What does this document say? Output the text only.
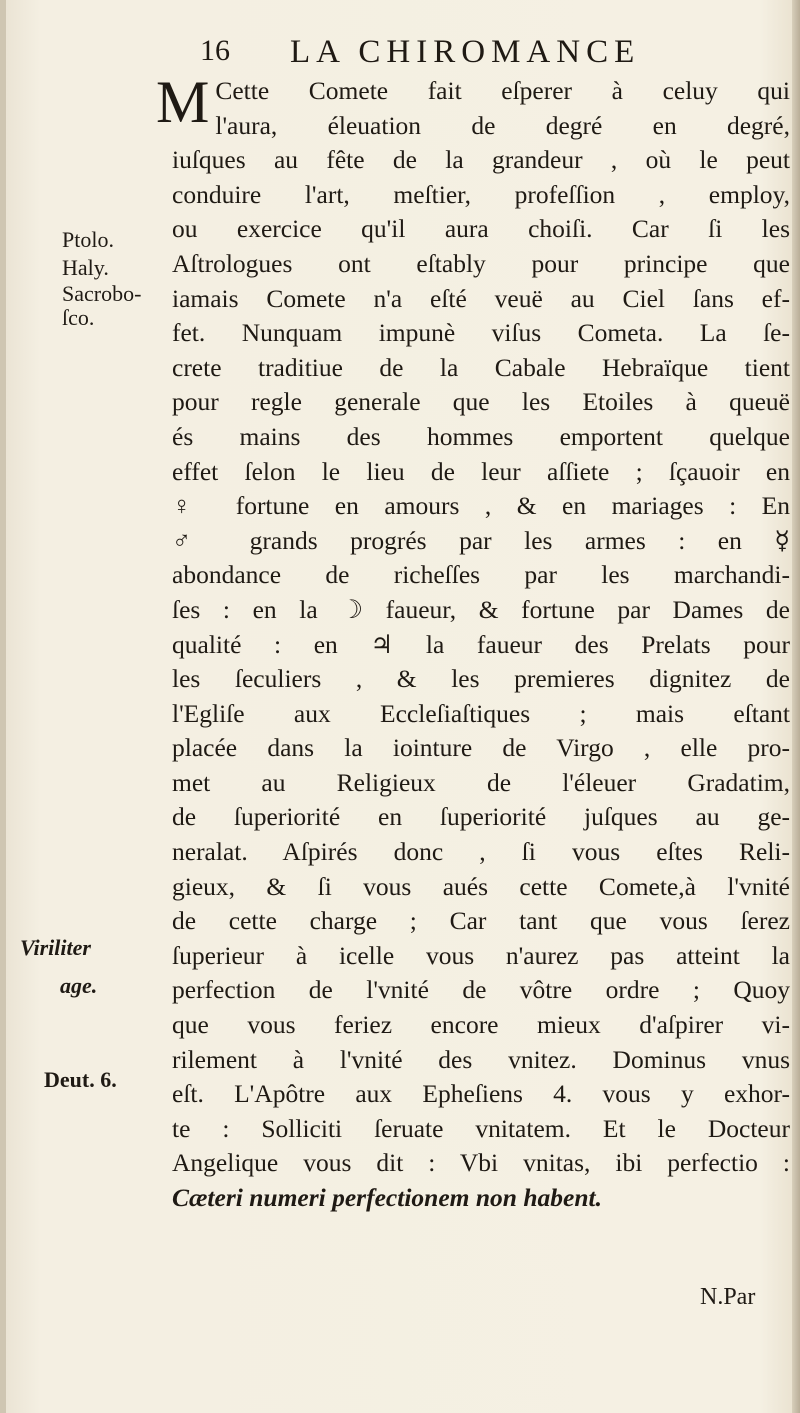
16 LA CHIROMANCE
Ptolo.
Haly.
Sacrobo-
ſco.
Viriliter
age.
Deut. 6.
M Cette Comete fait eſperer à celuy qui
l'aura, éleuation de degré en degré,
iuſques au fête de la grandeur , où le peut
conduire l'art, meſtier, profeſſion , employ,
ou exercice qu'il aura choiſi. Car ſi les
Aſtrologues ont eſtably pour principe que
iamais Comete n'a eſté veuë au Ciel ſans ef-
fet. Nunquam impunè viſus Cometa. La ſe-
crete traditiue de la Cabale Hebraïque tient
pour regle generale que les Etoiles à queuë
és mains des hommes emportent quelque
effet ſelon le lieu de leur aſſiete ; ſçauoir en
♀ fortune en amours , & en mariages : En
♂ grands progrés par les armes : en ☿
abondance de richeſſes par les marchandi-
ſes : en la ☽ faueur, & fortune par Dames de
qualité : en ♃ la faueur des Prelats pour
les ſeculiers , & les premieres dignitez de
l'Egliſe aux Eccleſiaſtiques ; mais eſtant
placée dans la iointure de Virgo , elle pro-
met au Religieux de l'éleuer Gradatim,
de ſuperiorité en ſuperiorité juſques au ge-
neralat. Aſpirés donc , ſi vous eſtes Reli-
gieux, & ſi vous aués cette Comete,à l'vnité
de cette charge ; Car tant que vous ſerez
ſuperieur à icelle vous n'aurez pas atteint la
perfection de l'vnité de vôtre ordre ; Quoy
que vous feriez encore mieux d'aſpirer vi-
rilement à l'vnité des vnitez. Dominus vnus
eſt. L'Apôtre aux Epheſiens 4. vous y exhor-
te : Solliciti ſeruate vnitatem. Et le Docteur
Angelique vous dit : Vbi vnitas, ibi perfectio :
Cæteri numeri perfectionem non habent.
N.Par
